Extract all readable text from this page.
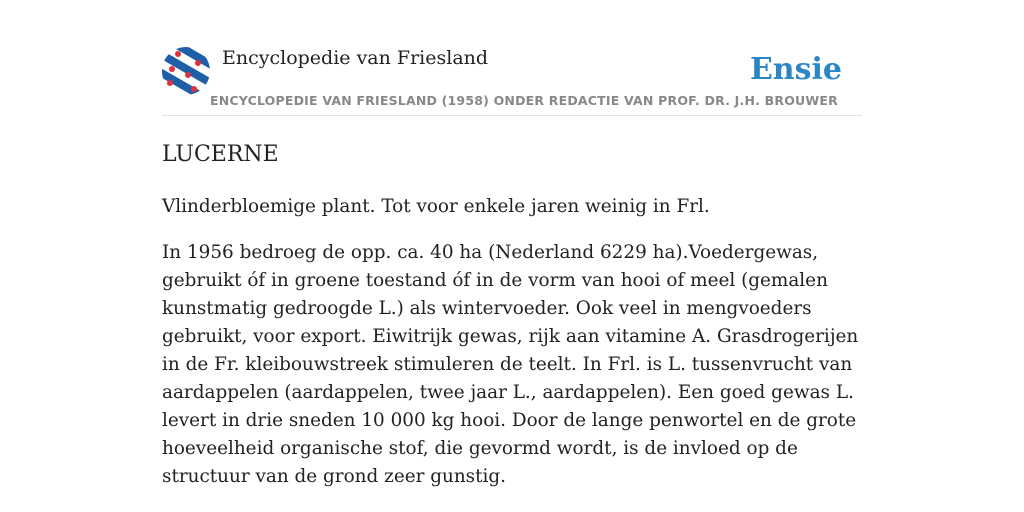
Encyclopedie van Friesland	Ensie
ENCYCLOPEDIE VAN FRIESLAND (1958) ONDER REDACTIE VAN PROF. DR. J.H. BROUWER
LUCERNE

Vlinderbloemige plant. Tot voor enkele jaren weinig in Frl.

In 1956 bedroeg de opp. ca. 40 ha (Nederland 6229 ha).Voedergewas, gebruikt óf in groene toestand óf in de vorm van hooi of meel (gemalen kunstmatig gedroogde L.) als wintervoeder. Ook veel in mengvoeders gebruikt, voor export. Eiwitrijk gewas, rijk aan vitamine A. Grasdrogerijen in de Fr. kleibouwstreek stimuleren de teelt. In Frl. is L. tussenvrucht van aardappelen (aardappelen, twee jaar L., aardappelen). Een goed gewas L. levert in drie sneden 10 000 kg hooi. Door de lange penwortel en de grote hoeveelheid organische stof, die gevormd wordt, is de invloed op de structuur van de grond zeer gunstig.
